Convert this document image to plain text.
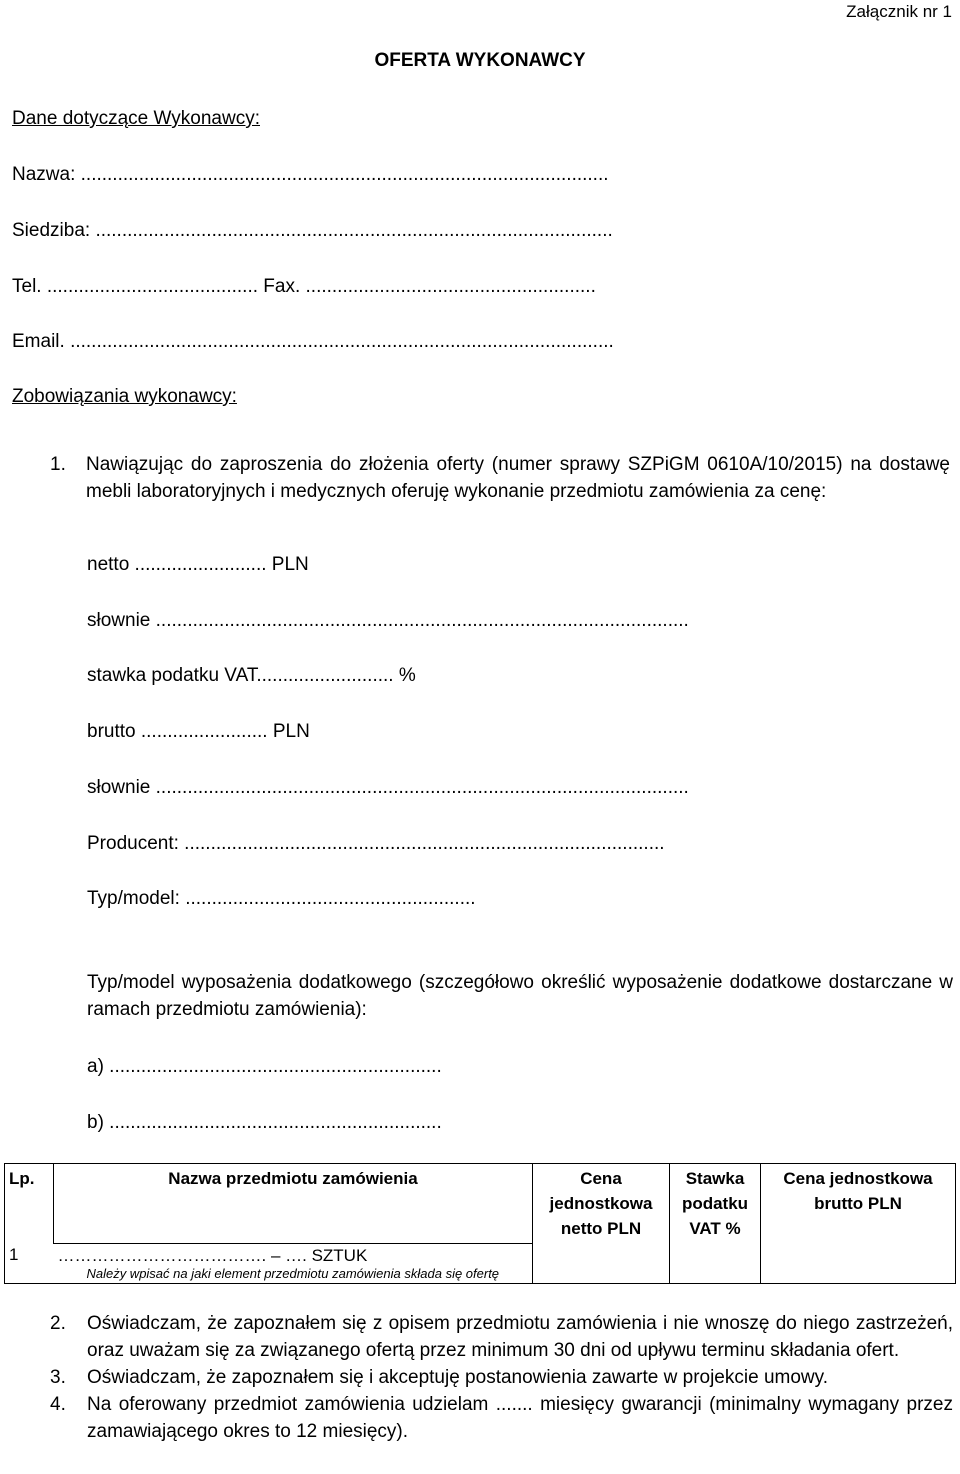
Załącznik nr 1
OFERTA WYKONAWCY
Dane dotyczące Wykonawcy:
Nazwa: ....................................................................................................
Siedziba: ..................................................................................................
Tel. ........................................ Fax. .......................................................
Email. .......................................................................................................
Zobowiązania wykonawcy:
1. Nawiązując do zaproszenia do złożenia oferty (numer sprawy SZPiGM 0610A/10/2015) na dostawę mebli laboratoryjnych i medycznych oferuję wykonanie przedmiotu zamówienia za cenę:
netto ......................... PLN
słownie .....................................................................................................
stawka podatku VAT.......................... %
brutto ........................ PLN
słownie .....................................................................................................
Producent: ...........................................................................................
Typ/model: .......................................................
Typ/model wyposażenia dodatkowego (szczegółowo określić wyposażenie dodatkowe dostarczane w ramach przedmiotu zamówienia):
a) ...............................................................
b) ...............................................................
Lp.	Nazwa przedmiotu zamówienia	Cena jednostkowa netto PLN	Stawka podatku VAT %	Cena jednostkowa brutto PLN
1	………………………………. – …. SZTUK
Należy wpisać na jaki element przedmiotu zamówienia składa się ofertę			

2. Oświadczam, że zapoznałem się z opisem przedmiotu zamówienia i nie wnoszę do niego zastrzeżeń, oraz uważam się za związanego ofertą przez minimum 30 dni od upływu terminu składania ofert.
3. Oświadczam, że zapoznałem się i akceptuję postanowienia zawarte w projekcie umowy.
4. Na oferowany przedmiot zamówienia udzielam ....... miesięcy gwarancji (minimalny wymagany przez zamawiającego okres to 12 miesięcy).
